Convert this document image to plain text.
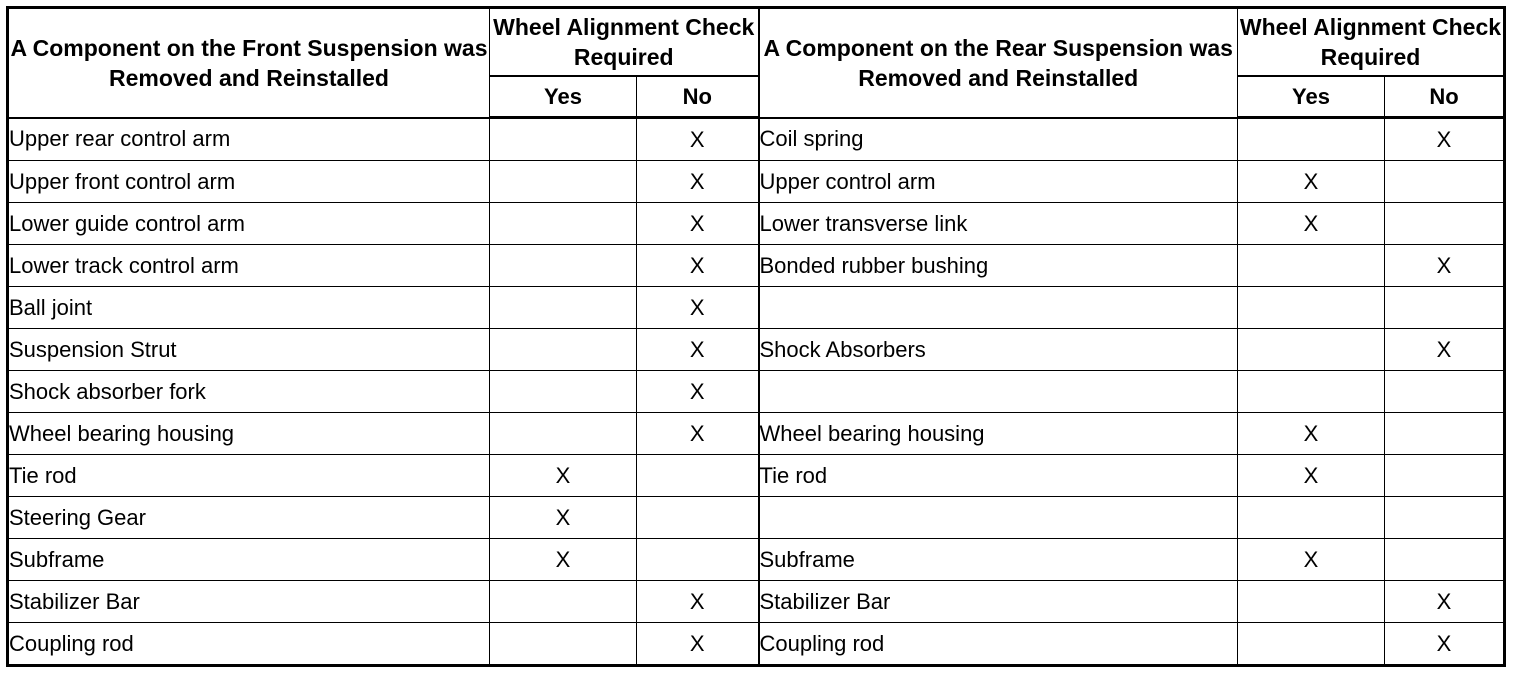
A Component on the Front Suspension was Removed and Reinstalled	Wheel Alignment Check Required		A Component on the Rear Suspension was Removed and Reinstalled	Wheel Alignment Check Required	
	Yes	No		Yes	No
Upper rear control arm		X	Coil spring		X
Upper front control arm		X	Upper control arm	X	
Lower guide control arm		X	Lower transverse link	X	
Lower track control arm		X	Bonded rubber bushing		X
Ball joint		X			
Suspension Strut		X	Shock Absorbers		X
Shock absorber fork		X			
Wheel bearing housing		X	Wheel bearing housing	X	
Tie rod	X		Tie rod	X	
Steering Gear	X				
Subframe	X		Subframe	X	
Stabilizer Bar		X	Stabilizer Bar		X
Coupling rod		X	Coupling rod		X
